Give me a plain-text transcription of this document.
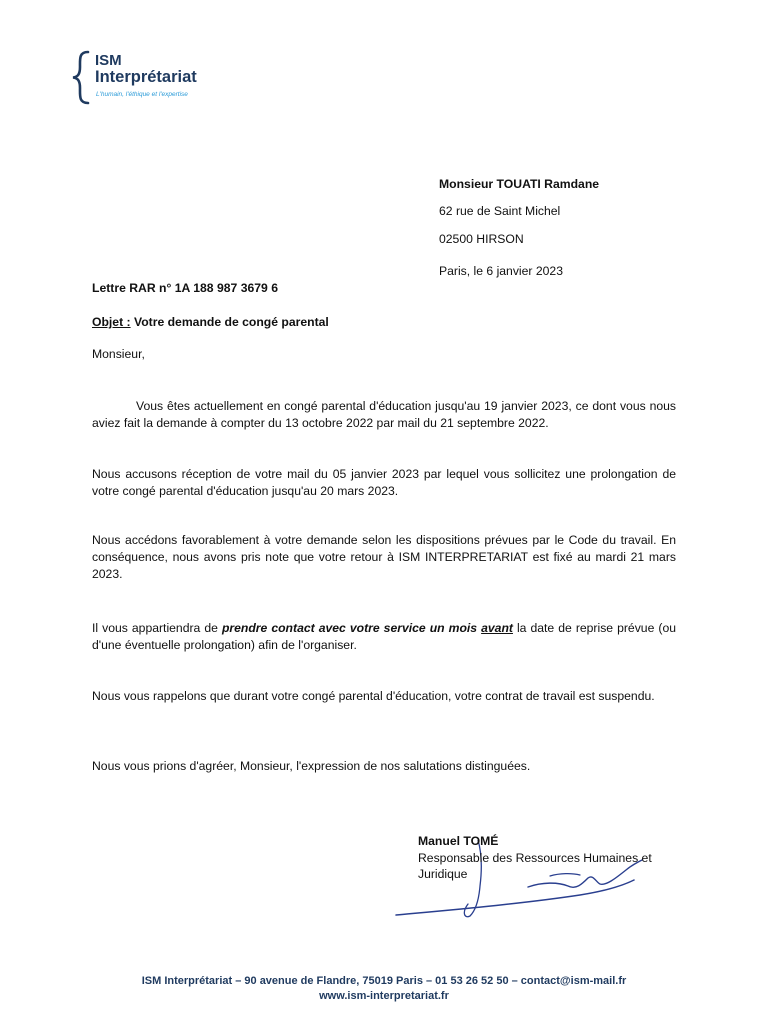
ISM
Interprétariat
L'humain, l'éthique et l'expertise
Monsieur TOUATI Ramdane
62 rue de Saint Michel
02500 HIRSON
Paris, le 6 janvier 2023
Lettre RAR n° 1A 188 987 3679 6
Objet : Votre demande de congé parental
Monsieur,
Vous êtes actuellement en congé parental d'éducation jusqu'au 19 janvier 2023, ce dont vous nous aviez fait la demande à compter du 13 octobre 2022 par mail du 21 septembre 2022.
Nous accusons réception de votre mail du 05 janvier 2023 par lequel vous sollicitez une prolongation de votre congé parental d'éducation jusqu'au 20 mars 2023.
Nous accédons favorablement à votre demande selon les dispositions prévues par le Code du travail. En conséquence, nous avons pris note que votre retour à ISM INTERPRETARIAT est fixé au mardi 21 mars 2023.
Il vous appartiendra de prendre contact avec votre service un mois avant la date de reprise prévue (ou d'une éventuelle prolongation) afin de l'organiser.
Nous vous rappelons que durant votre congé parental d'éducation, votre contrat de travail est suspendu.
Nous vous prions d'agréer, Monsieur, l'expression de nos salutations distinguées.
Manuel TOMÉ
Responsable des Ressources Humaines et
Juridique
ISM Interprétariat – 90 avenue de Flandre, 75019 Paris – 01 53 26 52 50 – contact@ism-mail.fr
www.ism-interpretariat.fr
